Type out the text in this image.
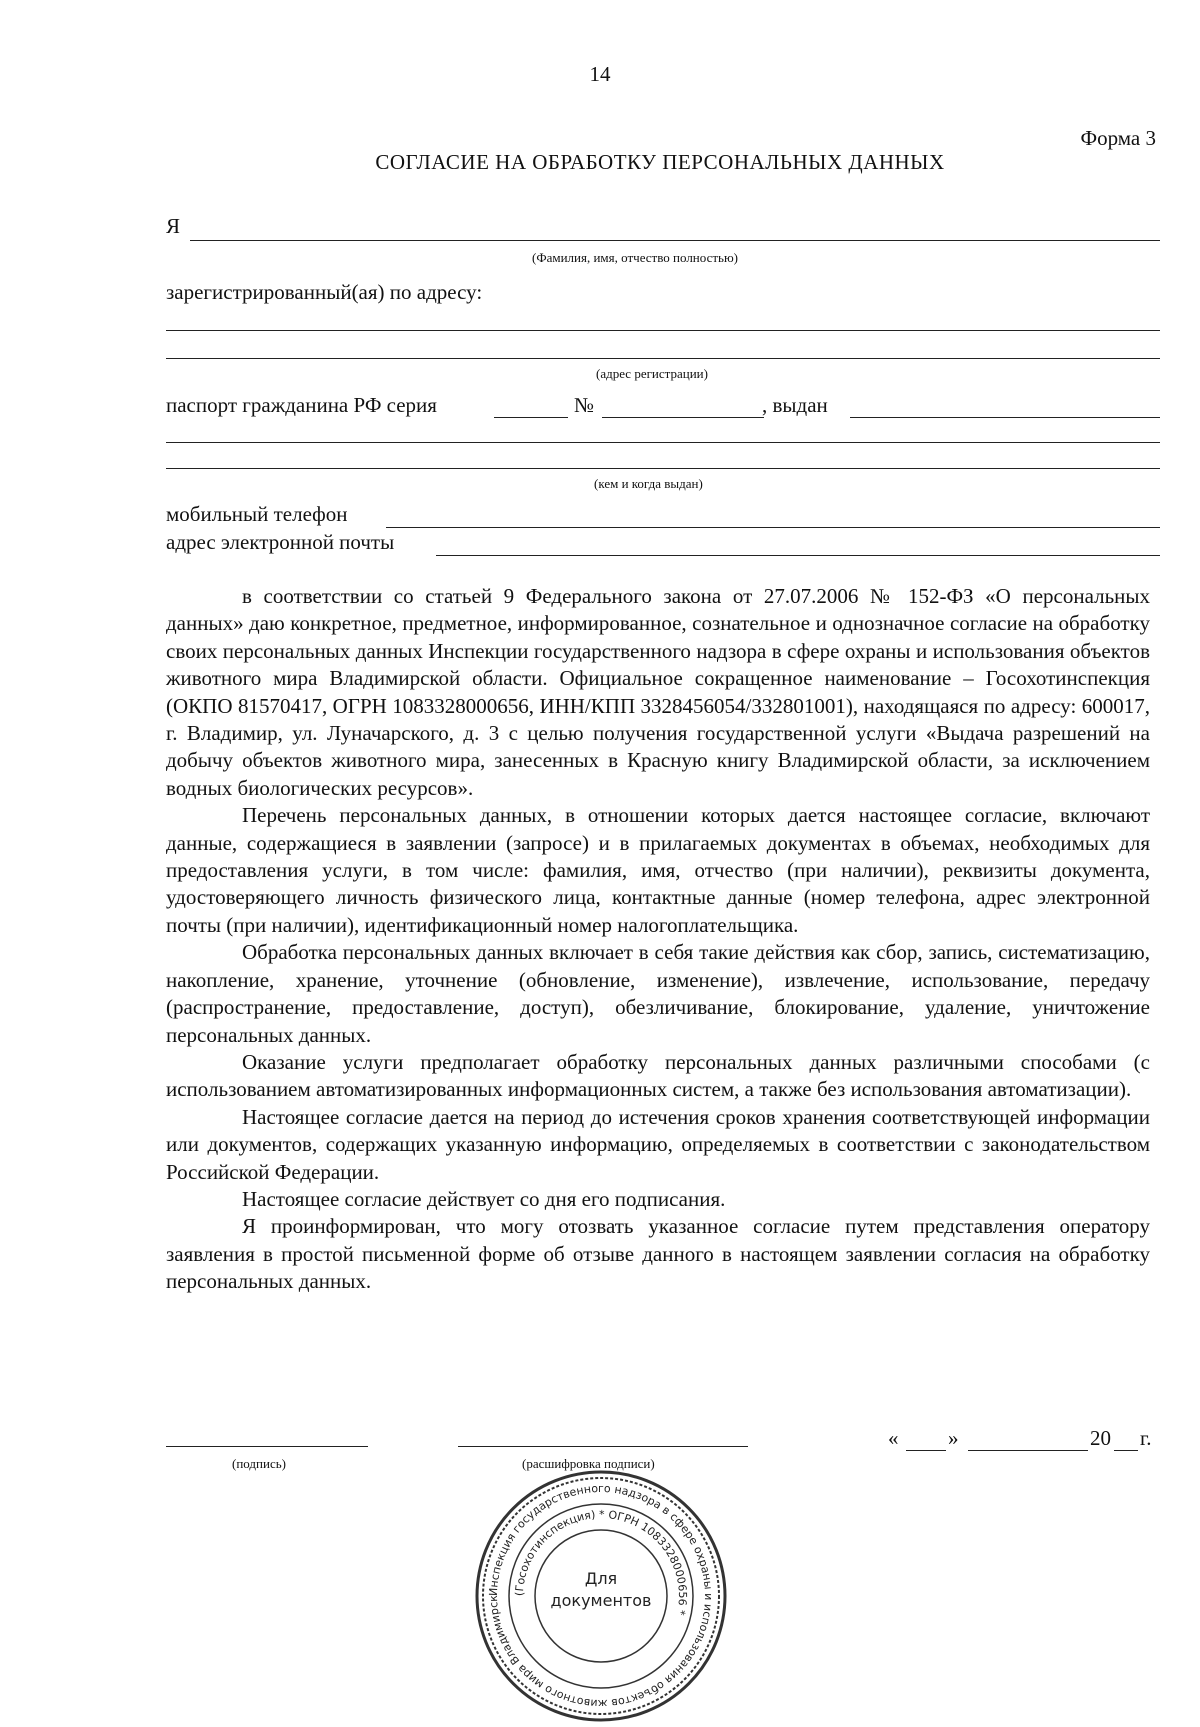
14
Форма 3
СОГЛАСИЕ НА ОБРАБОТКУ ПЕРСОНАЛЬНЫХ ДАННЫХ
Я
(Фамилия, имя, отчество полностью)
зарегистрированный(ая) по адресу:
(адрес регистрации)
паспорт гражданина РФ серия	№	, выдан
(кем и когда выдан)
мобильный телефон
адрес электронной почты

в соответствии со статьей 9 Федерального закона от 27.07.2006 № 152-ФЗ «О персональных данных» даю конкретное, предметное, информированное, сознательное и однозначное согласие на обработку своих персональных данных Инспекции государственного надзора в сфере охраны и использования объектов животного мира Владимирской области. Официальное сокращенное наименование – Госохотинспекция (ОКПО 81570417, ОГРН 1083328000656, ИНН/КПП 3328456054/332801001), находящаяся по адресу: 600017, г. Владимир, ул. Луначарского, д. 3 с целью получения государственной услуги «Выдача разрешений на добычу объектов животного мира, занесенных в Красную книгу Владимирской области, за исключением водных биологических ресурсов».

Перечень персональных данных, в отношении которых дается настоящее согласие, включают данные, содержащиеся в заявлении (запросе) и в прилагаемых документах в объемах, необходимых для предоставления услуги, в том числе: фамилия, имя, отчество (при наличии), реквизиты документа, удостоверяющего личность физического лица, контактные данные (номер телефона, адрес электронной почты (при наличии), идентификационный номер налогоплательщика.

Обработка персональных данных включает в себя такие действия как сбор, запись, систематизацию, накопление, хранение, уточнение (обновление, изменение), извлечение, использование, передачу (распространение, предоставление, доступ), обезличивание, блокирование, удаление, уничтожение персональных данных.

Оказание услуги предполагает обработку персональных данных различными способами (с использованием автоматизированных информационных систем, а также без использования автоматизации).

Настоящее согласие дается на период до истечения сроков хранения соответствующей информации или документов, содержащих указанную информацию, определяемых в соответствии с законодательством Российской Федерации.

Настоящее согласие действует со дня его подписания.

Я проинформирован, что могу отозвать указанное согласие путем представления оператору заявления в простой письменной форме об отзыве данного в настоящем заявлении согласия на обработку персональных данных.

(подпись)	(расшифровка подписи)
« »	20 г.
Инспекция государственного надзора в сфере охраны и использования объектов животного мира Владимирск
(Госохотинспекция) * ОГРН 1083328000656 *
Для
документов
